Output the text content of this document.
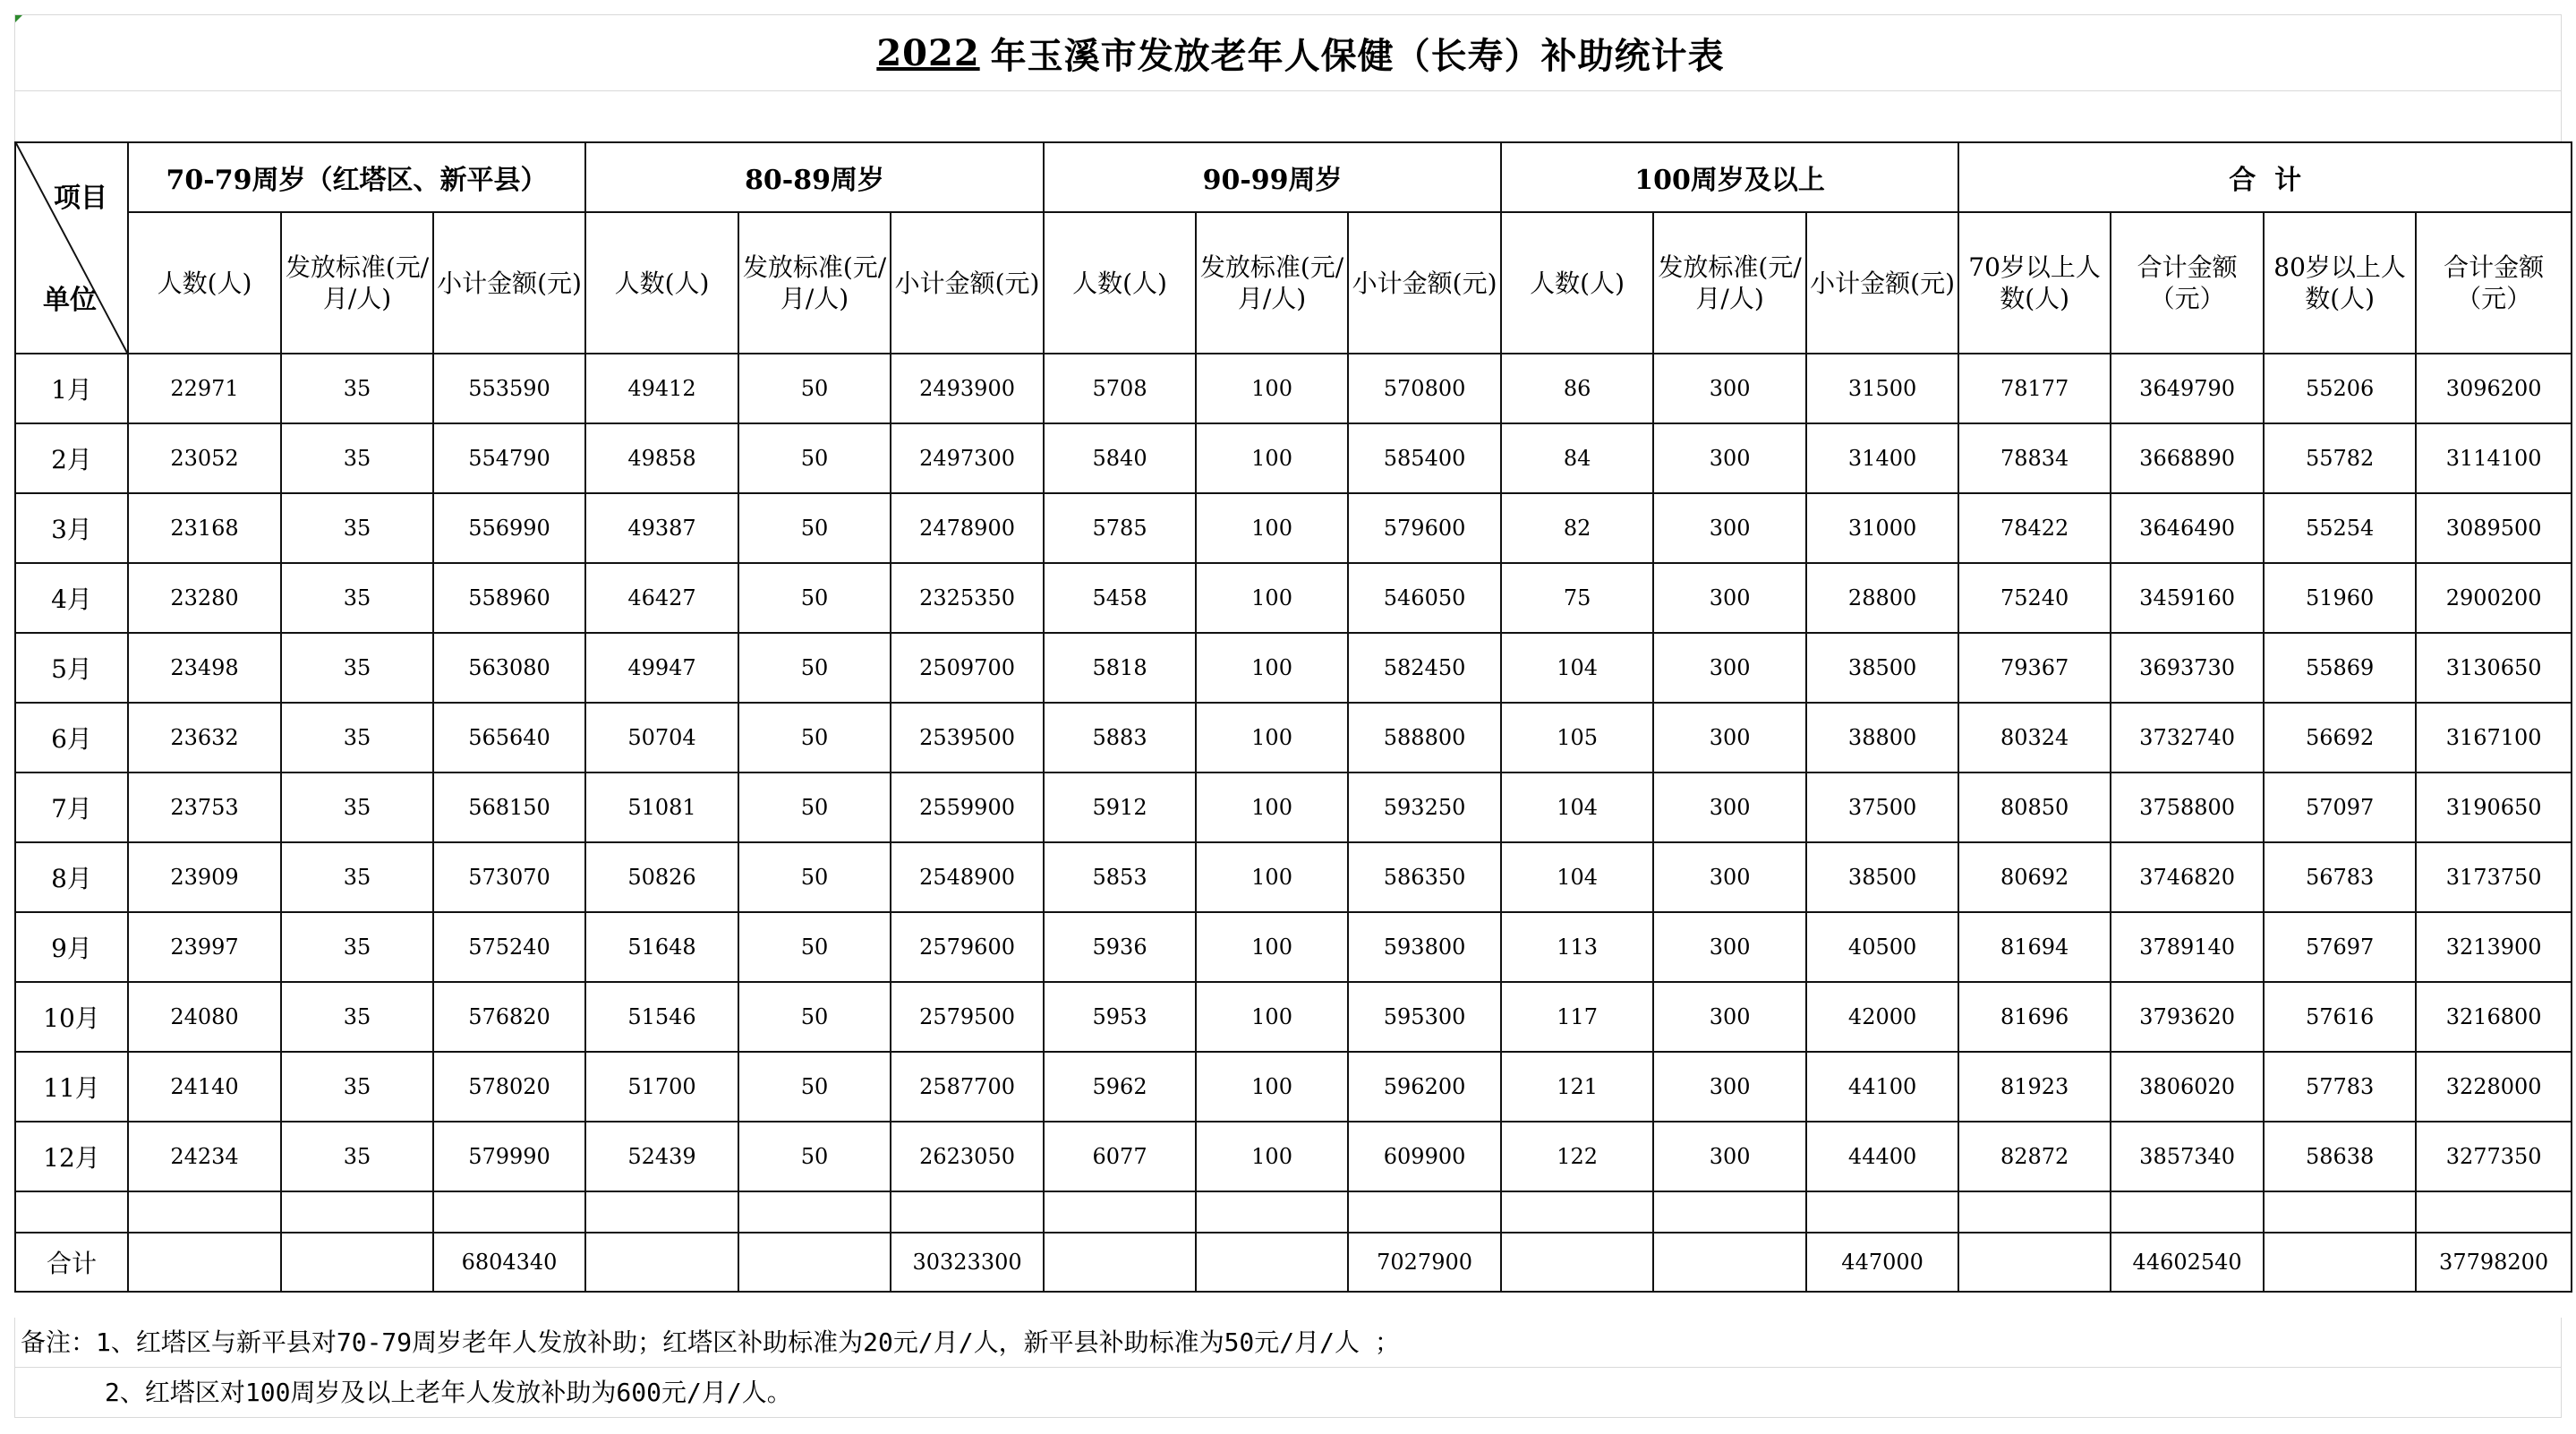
2022 年玉溪市发放老年人保健（长寿）补助统计表
项目
单位	70-79周岁（红塔区、新平县）			80-89周岁			90-99周岁			100周岁及以上			合  计			
	人数(人)	发放标准(元/月/人)	小计金额(元)	人数(人)	发放标准(元/月/人)	小计金额(元)	人数(人)	发放标准(元/月/人)	小计金额(元)	人数(人)	发放标准(元/月/人)	小计金额(元)	70岁以上人数(人)	合计金额（元）	80岁以上人数(人)	合计金额（元）
1月	22971	35	553590	49412	50	2493900	5708	100	570800	86	300	31500	78177	3649790	55206	3096200
2月	23052	35	554790	49858	50	2497300	5840	100	585400	84	300	31400	78834	3668890	55782	3114100
3月	23168	35	556990	49387	50	2478900	5785	100	579600	82	300	31000	78422	3646490	55254	3089500
4月	23280	35	558960	46427	50	2325350	5458	100	546050	75	300	28800	75240	3459160	51960	2900200
5月	23498	35	563080	49947	50	2509700	5818	100	582450	104	300	38500	79367	3693730	55869	3130650
6月	23632	35	565640	50704	50	2539500	5883	100	588800	105	300	38800	80324	3732740	56692	3167100
7月	23753	35	568150	51081	50	2559900	5912	100	593250	104	300	37500	80850	3758800	57097	3190650
8月	23909	35	573070	50826	50	2548900	5853	100	586350	104	300	38500	80692	3746820	56783	3173750
9月	23997	35	575240	51648	50	2579600	5936	100	593800	113	300	40500	81694	3789140	57697	3213900
10月	24080	35	576820	51546	50	2579500	5953	100	595300	117	300	42000	81696	3793620	57616	3216800
11月	24140	35	578020	51700	50	2587700	5962	100	596200	121	300	44100	81923	3806020	57783	3228000
12月	24234	35	579990	52439	50	2623050	6077	100	609900	122	300	44400	82872	3857340	58638	3277350

合计			6804340			30323300			7027900			447000		44602540		37798200
备注：1、红塔区与新平县对70-79周岁老年人发放补助；红塔区补助标准为20元/月/人，新平县补助标准为50元/月/人 ；
2、红塔区对100周岁及以上老年人发放补助为600元/月/人。
